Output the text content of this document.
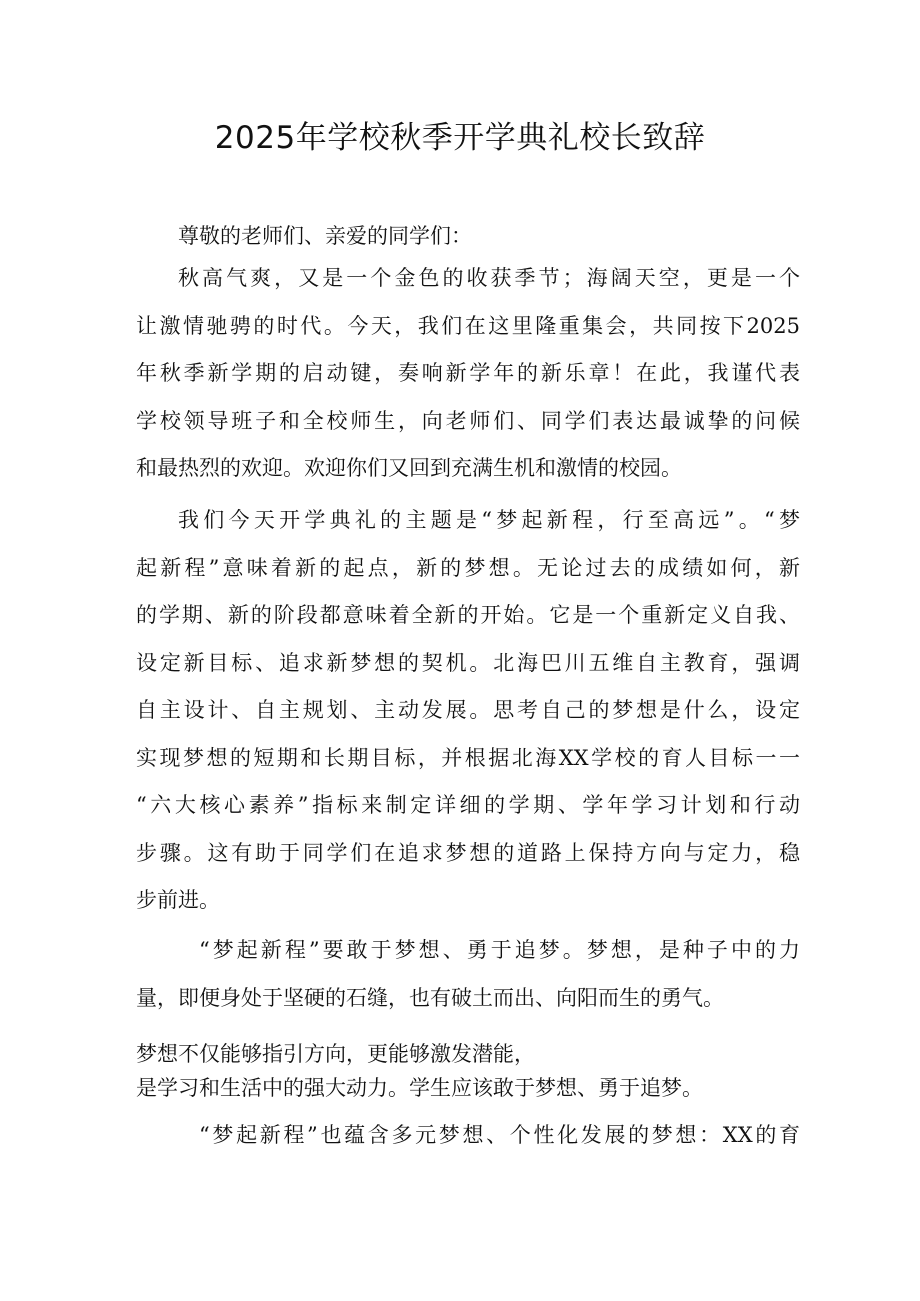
2025年学校秋季开学典礼校长致辞
尊敬的老师们、亲爱的同学们：
秋高气爽，又是一个金色的收获季节；海阔天空，更是一个
让激情驰骋的时代。今天，我们在这里隆重集会，共同按下2025
年秋季新学期的启动键，奏响新学年的新乐章！在此，我谨代表
学校领导班子和全校师生，向老师们、同学们表达最诚挚的问候
和最热烈的欢迎。欢迎你们又回到充满生机和激情的校园。
我们今天开学典礼的主题是“梦起新程，行至高远”。“梦
起新程”意味着新的起点，新的梦想。无论过去的成绩如何，新
的学期、新的阶段都意味着全新的开始。它是一个重新定义自我、
设定新目标、追求新梦想的契机。北海巴川五维自主教育，强调
自主设计、自主规划、主动发展。思考自己的梦想是什么，设定
实现梦想的短期和长期目标，并根据北海XX学校的育人目标一一
“六大核心素养”指标来制定详细的学期、学年学习计划和行动
步骤。这有助于同学们在追求梦想的道路上保持方向与定力，稳
步前进。
“梦起新程”要敢于梦想、勇于追梦。梦想，是种子中的力
量，即便身处于坚硬的石缝，也有破土而出、向阳而生的勇气。
梦想不仅能够指引方向，更能够激发潜能，
是学习和生活中的强大动力。学生应该敢于梦想、勇于追梦。
“梦起新程”也蕴含多元梦想、个性化发展的梦想：XX的育
